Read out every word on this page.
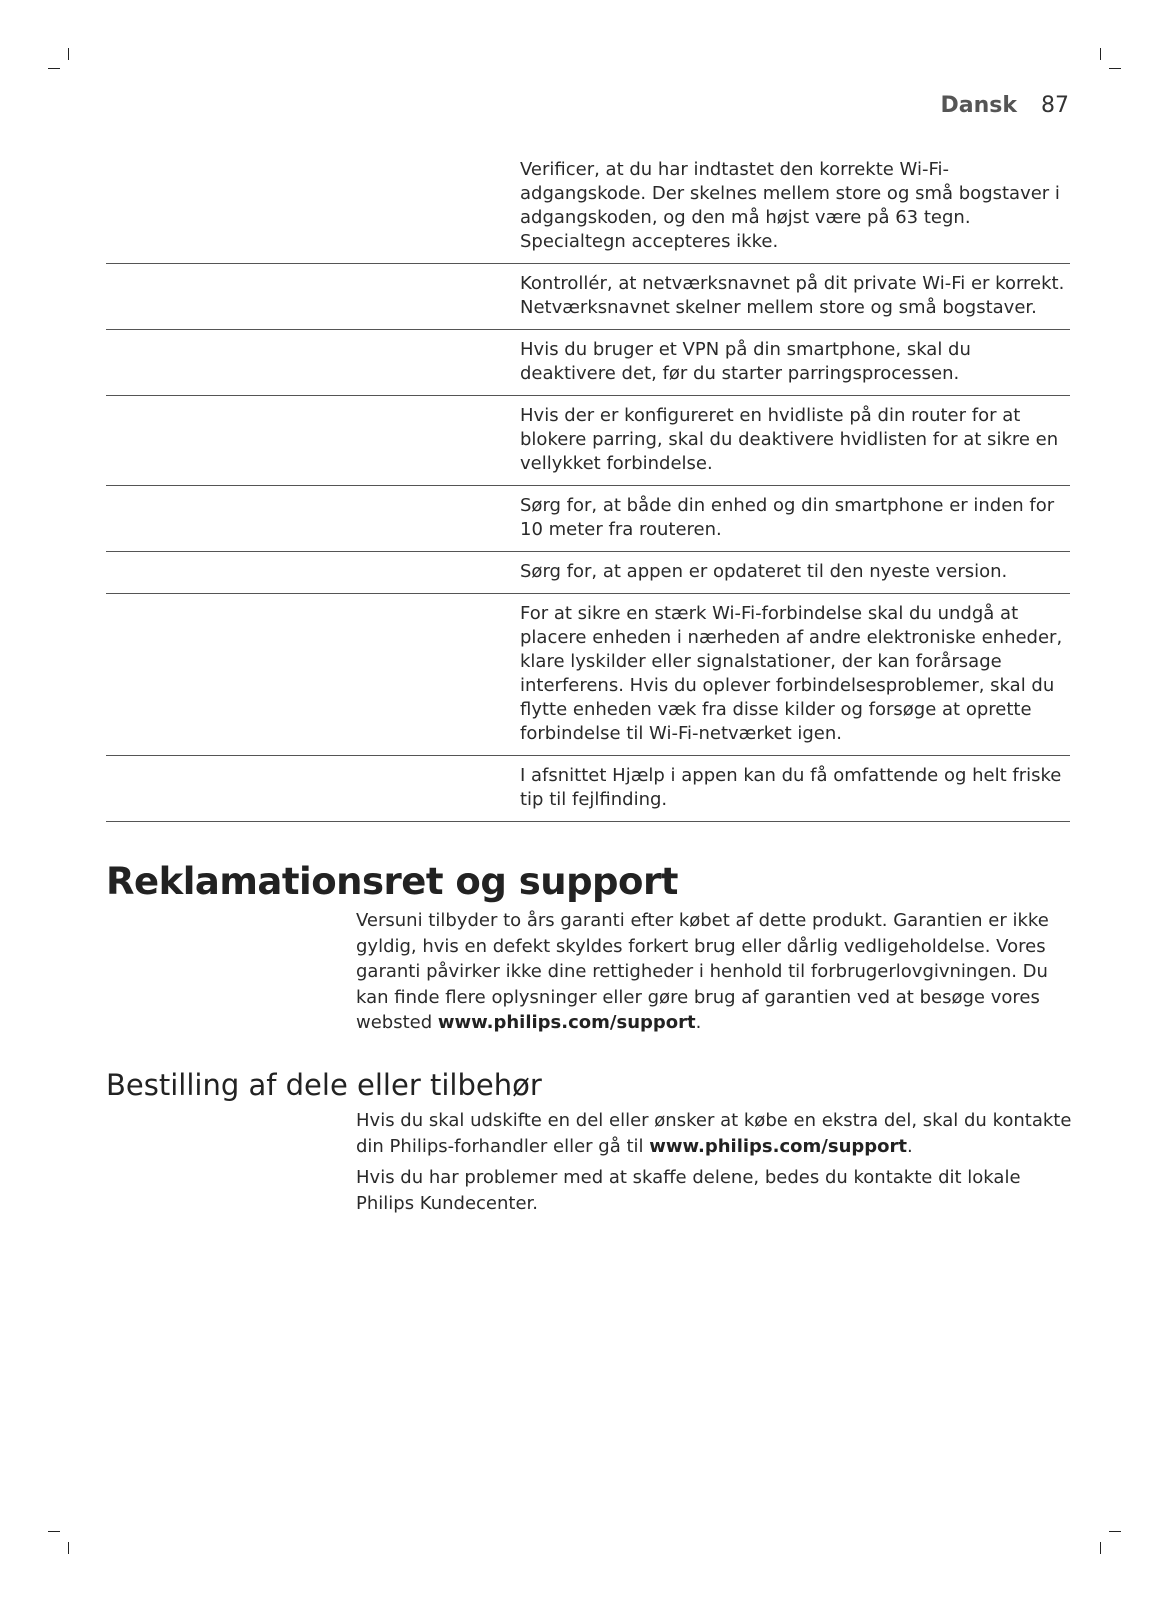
Dansk 87
Verificer, at du har indtastet den korrekte Wi-Fi-adgangskode. Der skelnes mellem store og små bogstaver i adgangskoden, og den må højst være på 63 tegn. Specialtegn accepteres ikke.
Kontrollér, at netværksnavnet på dit private Wi-Fi er korrekt. Netværksnavnet skelner mellem store og små bogstaver.
Hvis du bruger et VPN på din smartphone, skal du deaktivere det, før du starter parringsprocessen.
Hvis der er konfigureret en hvidliste på din router for at blokere parring, skal du deaktivere hvidlisten for at sikre en vellykket forbindelse.
Sørg for, at både din enhed og din smartphone er inden for 10 meter fra routeren.
Sørg for, at appen er opdateret til den nyeste version.
For at sikre en stærk Wi-Fi-forbindelse skal du undgå at placere enheden i nærheden af andre elektroniske enheder, klare lyskilder eller signalstationer, der kan forårsage interferens. Hvis du oplever forbindelsesproblemer, skal du flytte enheden væk fra disse kilder og forsøge at oprette forbindelse til Wi-Fi-netværket igen.
I afsnittet Hjælp i appen kan du få omfattende og helt friske tip til fejlfinding.
Reklamationsret og support

Versuni tilbyder to års garanti efter købet af dette produkt. Garantien er ikke gyldig, hvis en defekt skyldes forkert brug eller dårlig vedligeholdelse. Vores garanti påvirker ikke dine rettigheder i henhold til forbrugerlovgivningen. Du kan finde flere oplysninger eller gøre brug af garantien ved at besøge vores websted www.philips.com/support.

Bestilling af dele eller tilbehør

Hvis du skal udskifte en del eller ønsker at købe en ekstra del, skal du kontakte din Philips-forhandler eller gå til www.philips.com/support.

Hvis du har problemer med at skaffe delene, bedes du kontakte dit lokale Philips Kundecenter.
